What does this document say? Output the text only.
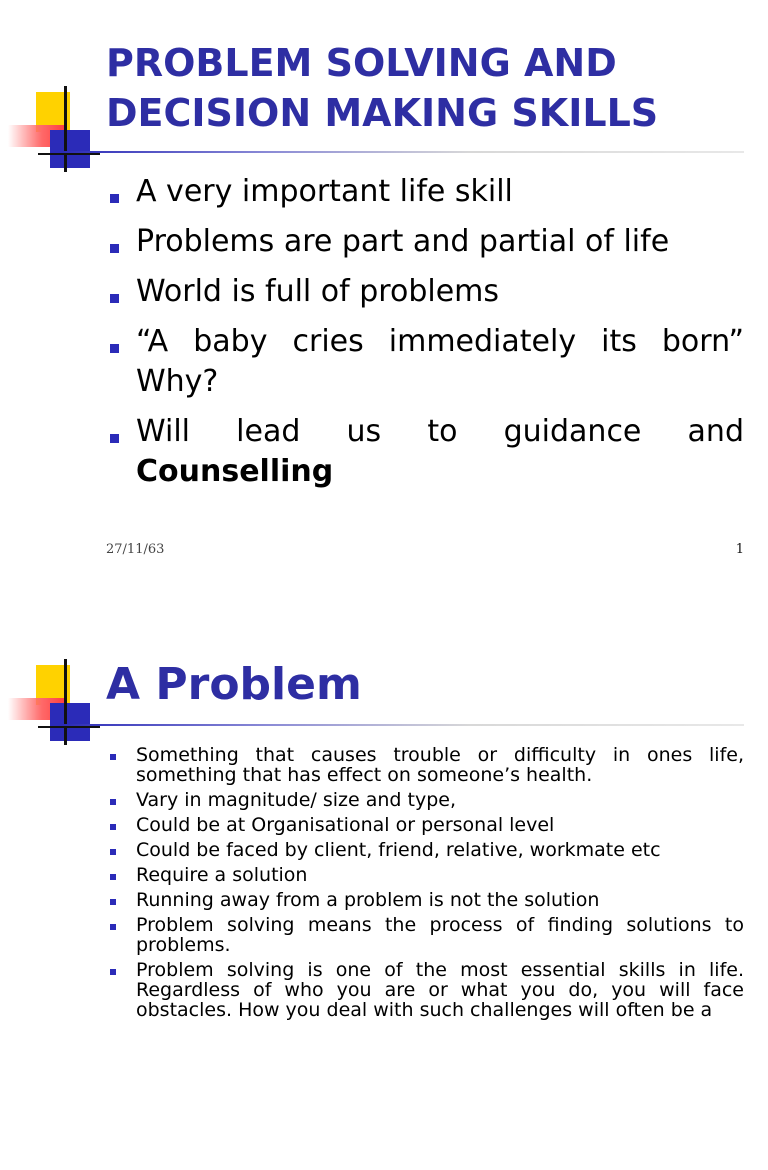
PROBLEM SOLVING AND
DECISION MAKING SKILLS
A very important life skill
Problems are part and partial of life
World is full of problems
“A baby cries immediately its born”
Why?
Will lead us to guidance and
Counselling
27/11/63	1
A Problem
Something that causes trouble or difficulty in ones life, something that has effect on someone’s health.
Vary in magnitude/ size and type,
Could be at Organisational or personal level
Could be faced by client, friend, relative, workmate etc
Require a solution
Running away from a problem is not the solution
Problem solving means the process of finding solutions to problems.
Problem solving is one of the most essential skills in life. Regardless of who you are or what you do, you will face obstacles. How you deal with such challenges will often be a
